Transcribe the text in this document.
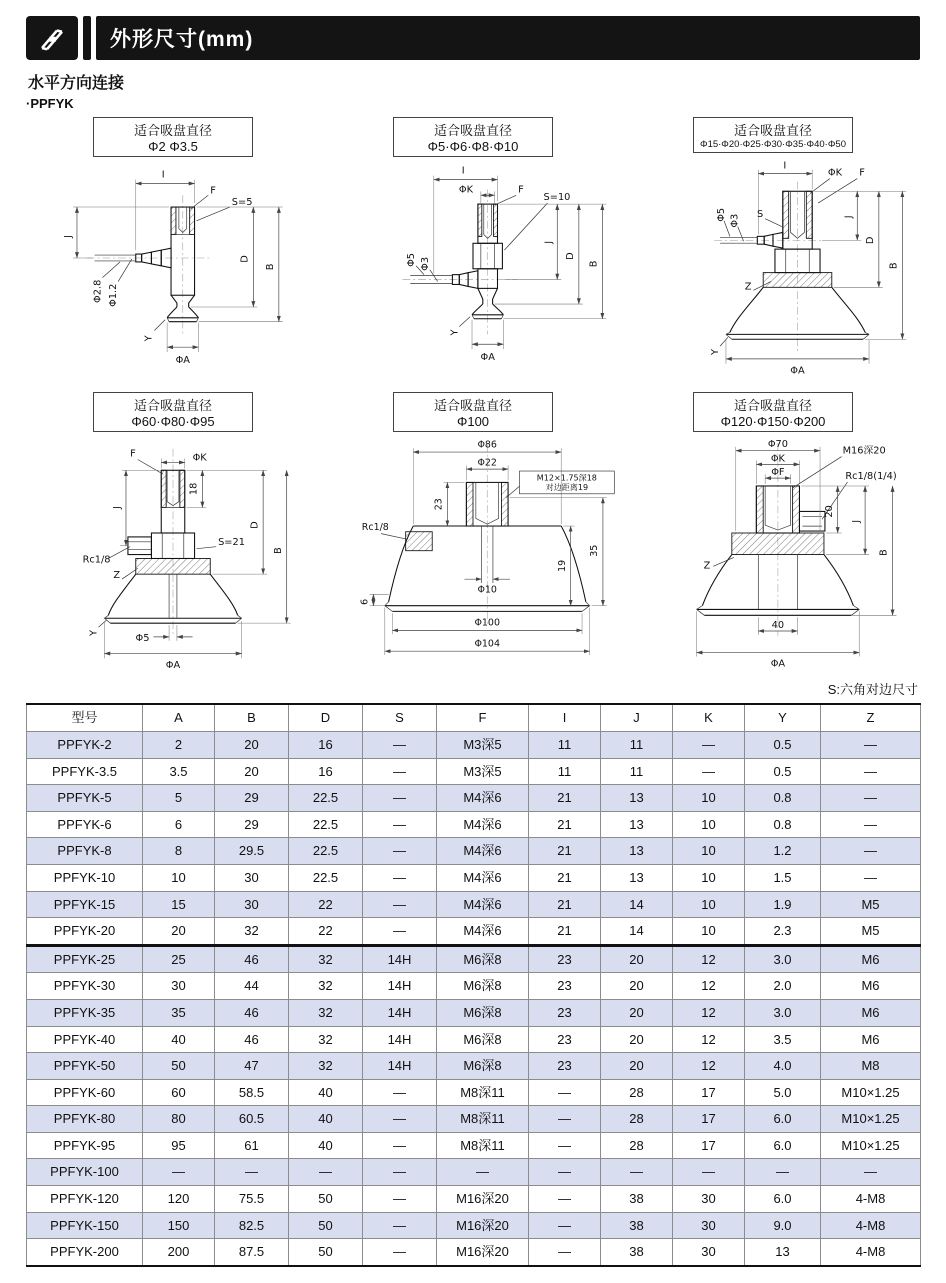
外形尺寸(mm)
水平方向连接
·PPFYK
适合吸盘直径
Φ2 Φ3.5
I
F
S=5
J
D
B
Φ2.8 Φ1.2
Y
ΦA
适合吸盘直径
Φ5·Φ6·Φ8·Φ10
I
ΦK	F
S=10
Φ5 Φ3
J
D
B
Y
ΦA
适合吸盘直径
Φ15·Φ20·Φ25·Φ30·Φ35·Φ40·Φ50
I
ΦK F
S
Φ5 Φ3
Z
Y
J
D
B
ΦA
适合吸盘直径
Φ60·Φ80·Φ95
F	ΦK
18
J
Rc1/8
S=21
Z
D
B
Y	Φ5
ΦA
适合吸盘直径
Φ100
Φ86
Φ22
M12×1.75深18
对边距离19
23
Rc1/8
6
Φ10
19
35
Φ100
Φ104
适合吸盘直径
Φ120·Φ150·Φ200
Φ70
ΦK
ΦF
M16深20
Rc1/8(1/4)
20
Z
J
B
40
ΦA
S:六角对边尺寸
型号	A	B	D	S	F	I	J	K	Y	Z
PPFYK-2	2	20	16	—	M3深5	11	11	—	0.5	—
PPFYK-3.5	3.5	20	16	—	M3深5	11	11	—	0.5	—
PPFYK-5	5	29	22.5	—	M4深6	21	13	10	0.8	—
PPFYK-6	6	29	22.5	—	M4深6	21	13	10	0.8	—
PPFYK-8	8	29.5	22.5	—	M4深6	21	13	10	1.2	—
PPFYK-10	10	30	22.5	—	M4深6	21	13	10	1.5	—
PPFYK-15	15	30	22	—	M4深6	21	14	10	1.9	M5
PPFYK-20	20	32	22	—	M4深6	21	14	10	2.3	M5
PPFYK-25	25	46	32	14H	M6深8	23	20	12	3.0	M6
PPFYK-30	30	44	32	14H	M6深8	23	20	12	2.0	M6
PPFYK-35	35	46	32	14H	M6深8	23	20	12	3.0	M6
PPFYK-40	40	46	32	14H	M6深8	23	20	12	3.5	M6
PPFYK-50	50	47	32	14H	M6深8	23	20	12	4.0	M8
PPFYK-60	60	58.5	40	—	M8深11	—	28	17	5.0	M10×1.25
PPFYK-80	80	60.5	40	—	M8深11	—	28	17	6.0	M10×1.25
PPFYK-95	95	61	40	—	M8深11	—	28	17	6.0	M10×1.25
PPFYK-100	—	—	—	—	—	—	—	—	—	—
PPFYK-120	120	75.5	50	—	M16深20	—	38	30	6.0	4-M8
PPFYK-150	150	82.5	50	—	M16深20	—	38	30	9.0	4-M8
PPFYK-200	200	87.5	50	—	M16深20	—	38	30	13	4-M8
